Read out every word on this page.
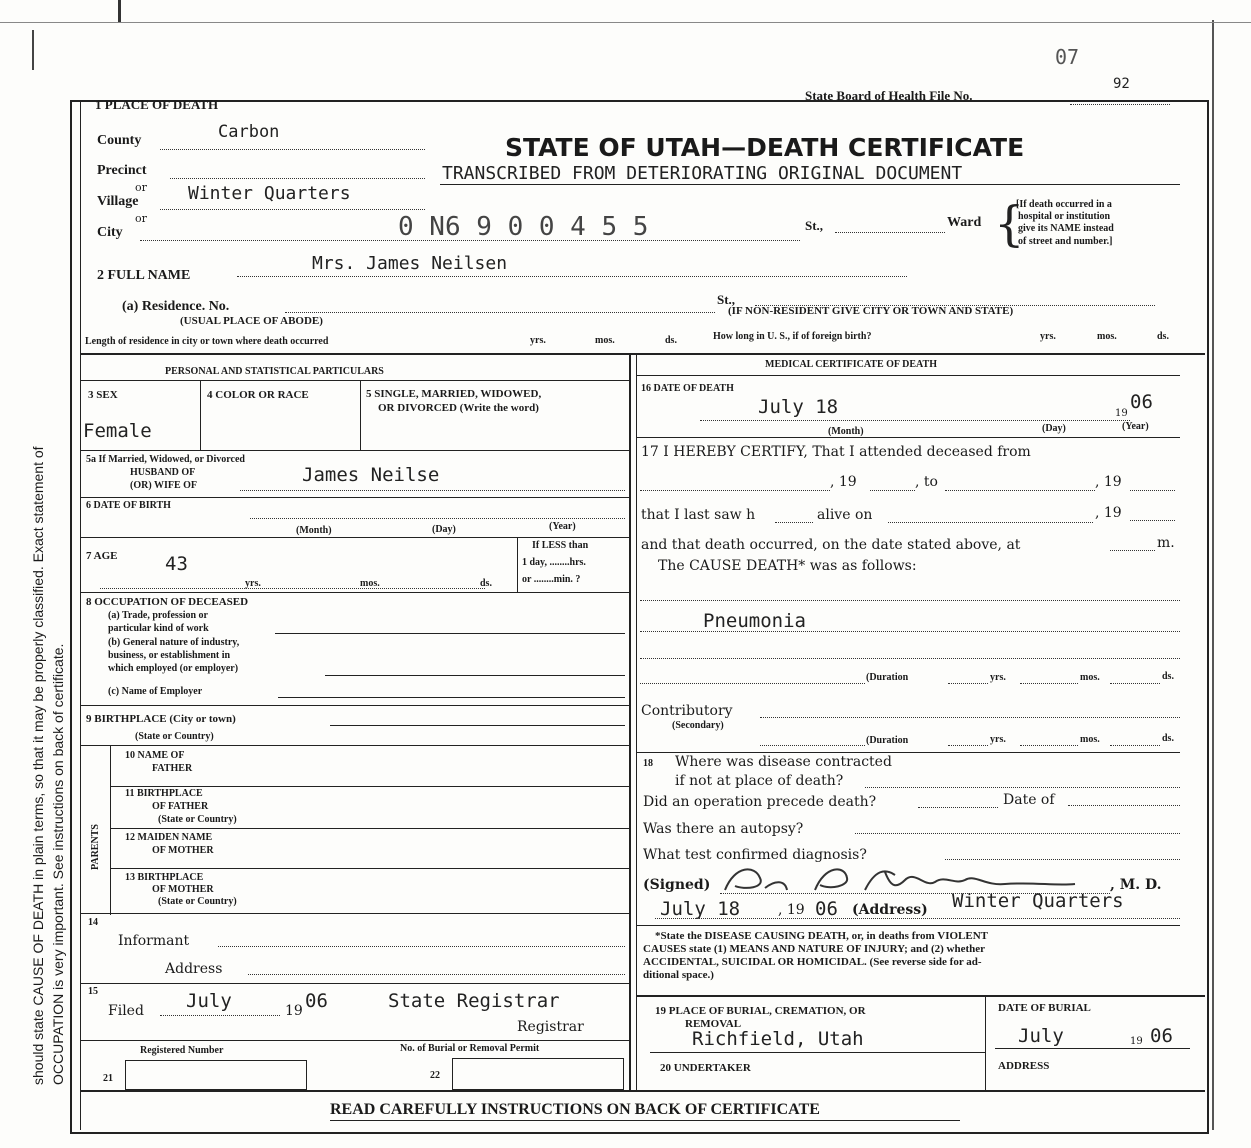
should state CAUSE OF DEATH in plain terms, so that it may be properly classified. Exact statement of OCCUPATION is very important. See instructions on back of certificate.
07
State Board of Health File No.
92
1 PLACE OF DEATH
STATE OF UTAH—DEATH CERTIFICATE
TRANSCRIBED FROM DETERIORATING ORIGINAL DOCUMENT
County	Carbon
Precinct
or
Village	Winter Quarters
or
City	0 N6 9 0 0 4 5 5	St.,	Ward {
[If death occurred in a
hospital or institution
give its NAME instead
of street and number.]
2 FULL NAME
Mrs. James Neilsen
(a) Residence. No.	St.,
(USUAL PLACE OF ABODE)
(IF NON-RESIDENT GIVE CITY OR TOWN AND STATE)
Length of residence in city or town where death occurred	yrs.	mos.	ds.	How long in U. S., if of foreign birth?	yrs.	mos.	ds.
PERSONAL AND STATISTICAL PARTICULARS
3 SEX
Female
4 COLOR OR RACE	5 SINGLE, MARRIED, WIDOWED,
OR DIVORCED (Write the word)
5a If Married, Widowed, or Divorced
HUSBAND OF
(OR) WIFE OF	James Neilse
6 DATE OF BIRTH
(Month)	(Day)	(Year)
7 AGE	43
yrs.	mos.	ds.
If LESS than
1 day, ........hrs.
or ........min. ?
8 OCCUPATION OF DECEASED
(a) Trade, profession or
particular kind of work
(b) General nature of industry,
business, or establishment in
which employed (or employer)
(c) Name of Employer
9 BIRTHPLACE (City or town)
(State or Country)
PARENTS
10 NAME OF
FATHER
11 BIRTHPLACE
OF FATHER
(State or Country)
12 MAIDEN NAME
OF MOTHER
13 BIRTHPLACE
OF MOTHER
(State or Country)
14
Informant
Address
15
Filed July	19 06	State Registrar
Registrar
Registered Number	No. of Burial or Removal Permit
21	22
MEDICAL CERTIFICATE OF DEATH
16 DATE OF DEATH
July 18	19
06
(Month)	(Day)	(Year)
17 I HEREBY CERTIFY, That I attended deceased from
, 19	, to	, 19
that I last saw h	alive on	, 19
and that death occurred, on the date stated above, at	m.
The CAUSE DEATH* was as follows:
Pneumonia
(Duration	yrs.	mos.	ds.
Contributory
(Secondary)
(Duration	yrs.	mos.	ds.
18 Where was disease contracted
if not at place of death?
Did an operation precede death?	Date of
Was there an autopsy?
What test confirmed diagnosis?
(Signed)	, M. D.
July 18	, 19 06 (Address) Winter Quarters
*State the DISEASE CAUSING DEATH, or, in deaths from VIOLENT
CAUSES state (1) MEANS AND NATURE OF INJURY; and (2) whether
ACCIDENTAL, SUICIDAL OR HOMICIDAL. (See reverse side for ad-
ditional space.)
19 PLACE OF BURIAL, CREMATION, OR
REMOVAL
Richfield, Utah
DATE OF BURIAL
July	19 06
20 UNDERTAKER	ADDRESS
READ CAREFULLY INSTRUCTIONS ON BACK OF CERTIFICATE
